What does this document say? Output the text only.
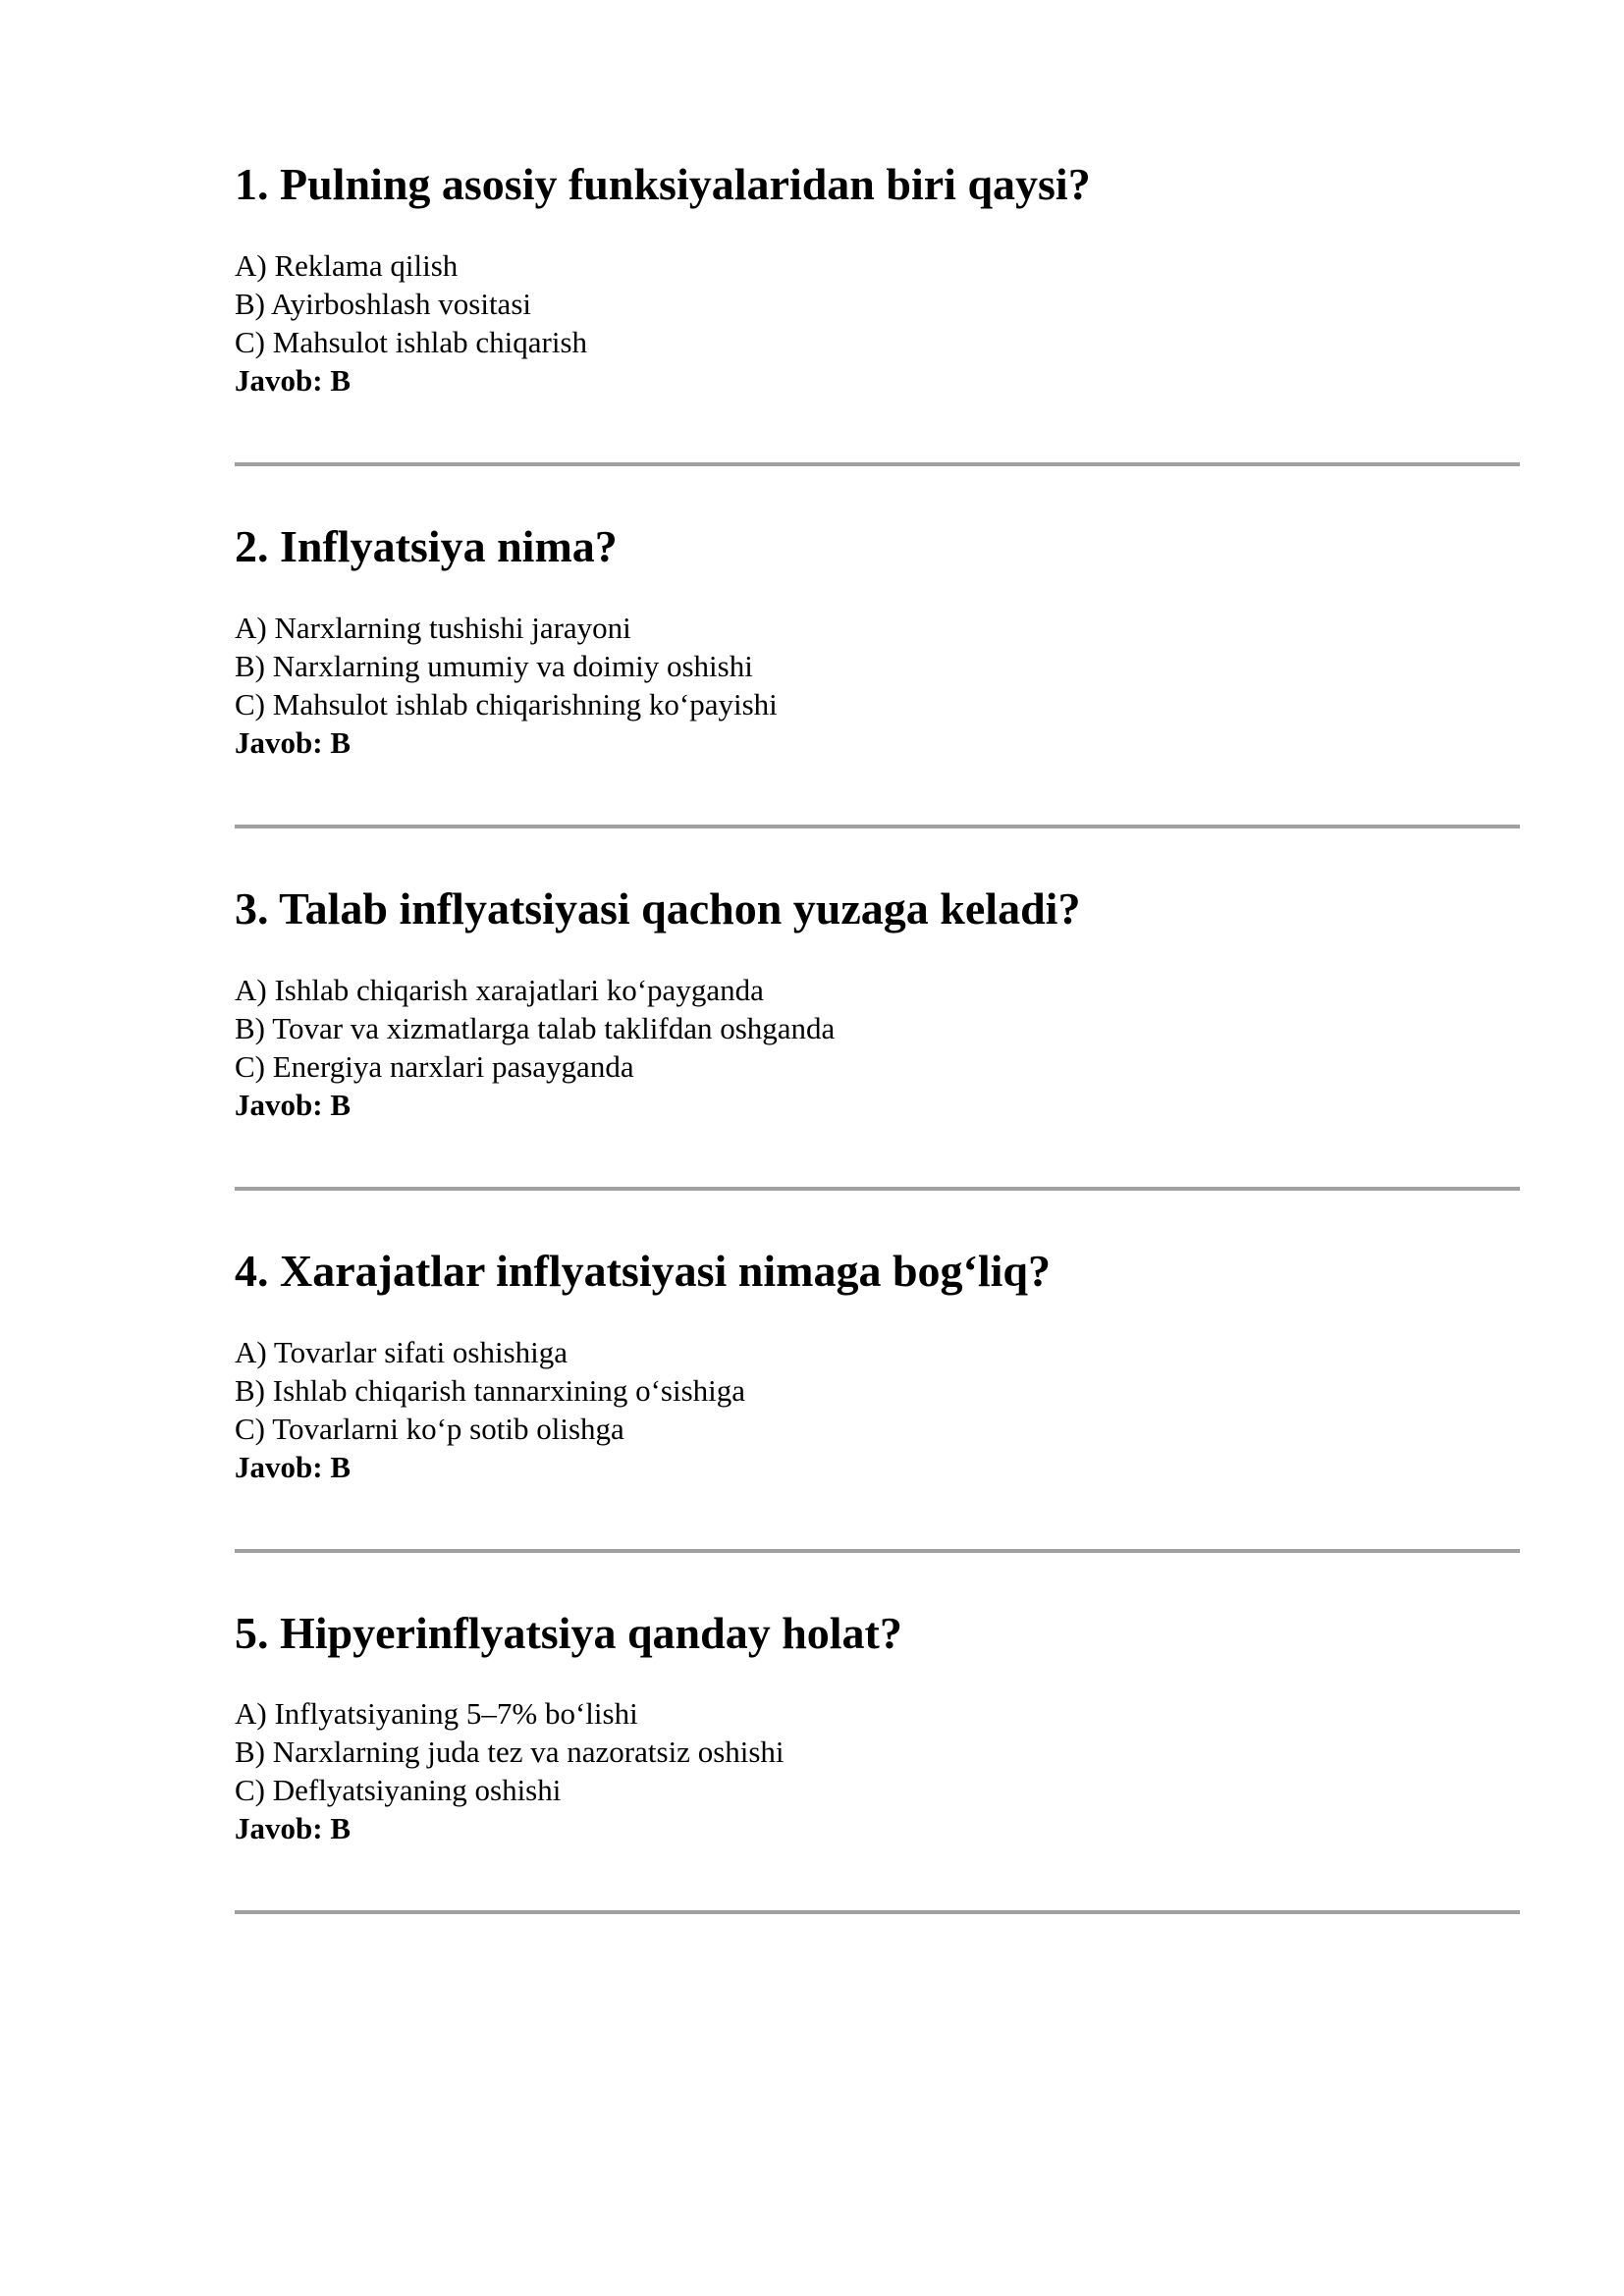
1. Pulning asosiy funksiyalaridan biri qaysi?
A) Reklama qilish
B) Ayirboshlash vositasi
C) Mahsulot ishlab chiqarish

Javob: B

2. Inflyatsiya nima?
A) Narxlarning tushishi jarayoni
B) Narxlarning umumiy va doimiy oshishi
C) Mahsulot ishlab chiqarishning ko‘payishi

Javob: B

3. Talab inflyatsiyasi qachon yuzaga keladi?
A) Ishlab chiqarish xarajatlari ko‘payganda
B) Tovar va xizmatlarga talab taklifdan oshganda
C) Energiya narxlari pasayganda

Javob: B

4. Xarajatlar inflyatsiyasi nimaga bog‘liq?
A) Tovarlar sifati oshishiga
B) Ishlab chiqarish tannarxining o‘sishiga
C) Tovarlarni ko‘p sotib olishga

Javob: B

5. Hipyerinflyatsiya qanday holat?
A) Inflyatsiyaning 5–7% bo‘lishi
B) Narxlarning juda tez va nazoratsiz oshishi
C) Deflyatsiyaning oshishi

Javob: B
